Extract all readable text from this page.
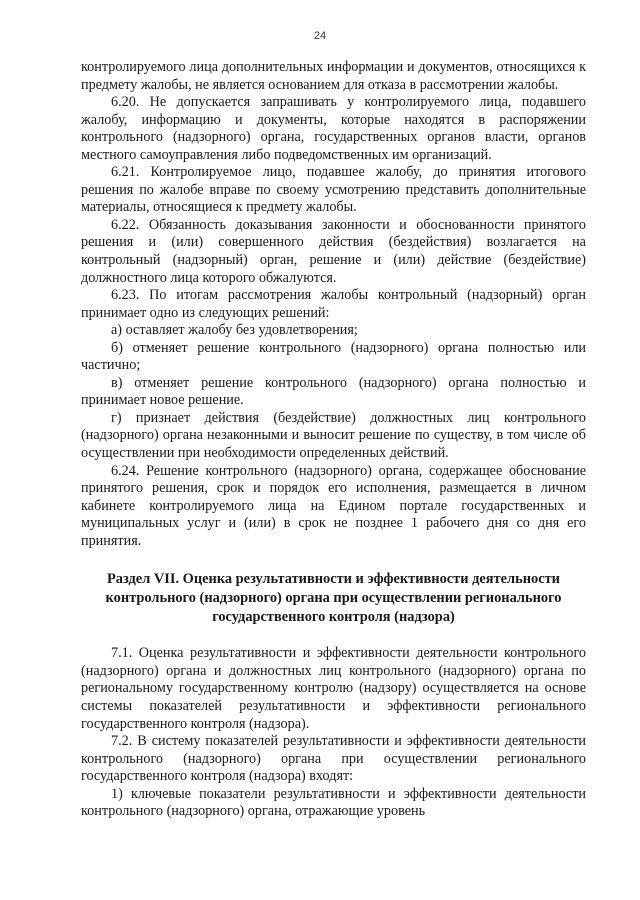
24

контролируемого лица дополнительных информации и документов, относящихся к предмету жалобы, не является основанием для отказа в рассмотрении жалобы.

6.20. Не допускается запрашивать у контролируемого лица, подавшего жалобу, информацию и документы, которые находятся в распоряжении контрольного (надзорного) органа, государственных органов власти, органов местного самоуправления либо подведомственных им организаций.

6.21. Контролируемое лицо, подавшее жалобу, до принятия итогового решения по жалобе вправе по своему усмотрению представить дополнительные материалы, относящиеся к предмету жалобы.

6.22. Обязанность доказывания законности и обоснованности принятого решения и (или) совершенного действия (бездействия) возлагается на контрольный (надзорный) орган, решение и (или) действие (бездействие) должностного лица которого обжалуются.

6.23. По итогам рассмотрения жалобы контрольный (надзорный) орган принимает одно из следующих решений:

а) оставляет жалобу без удовлетворения;

б) отменяет решение контрольного (надзорного) органа полностью или частично;

в) отменяет решение контрольного (надзорного) органа полностью и принимает новое решение.

г) признает действия (бездействие) должностных лиц контрольного (надзорного) органа незаконными и выносит решение по существу, в том числе об осуществлении при необходимости определенных действий.

6.24. Решение контрольного (надзорного) органа, содержащее обоснование принятого решения, срок и порядок его исполнения, размещается в личном кабинете контролируемого лица на Едином портале государственных и муниципальных услуг и (или) в срок не позднее 1 рабочего дня со дня его принятия.

Раздел VII. Оценка результативности и эффективности деятельности контрольного (надзорного) органа при осуществлении регионального государственного контроля (надзора)

7.1. Оценка результативности и эффективности деятельности контрольного (надзорного) органа и должностных лиц контрольного (надзорного) органа по региональному государственному контролю (надзору) осуществляется на основе системы показателей результативности и эффективности регионального государственного контроля (надзора).

7.2. В систему показателей результативности и эффективности деятельности контрольного (надзорного) органа при осуществлении регионального государственного контроля (надзора) входят:

1) ключевые показатели результативности и эффективности деятельности контрольного (надзорного) органа, отражающие уровень
